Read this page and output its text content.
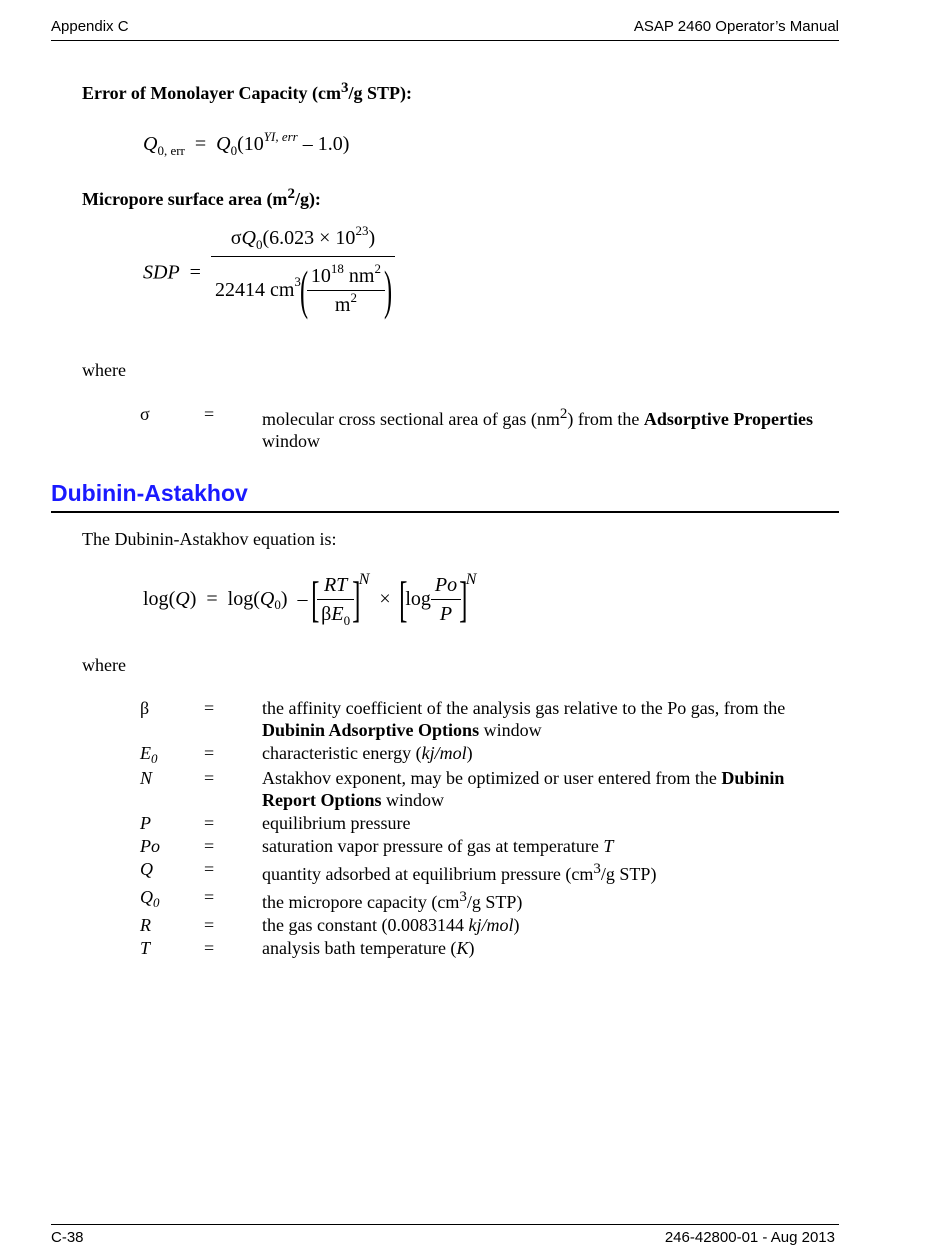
Appendix C	ASAP 2460 Operator’s Manual
Error of Monolayer Capacity ($cm^3/g$ STP):
$Q_{0, err} = Q_0(10^{YI, err} - 1.0)$
Micropore surface area $(m^2/g)$:
SDP = $\sigma Q_0(6.023 \times 10^{23})$
22414 $cm^3$(
$\frac{10^{18} nm^2}{m^2}$
)
where
σ	=	molecular cross sectional area of gas $(nm^2)$ from the Adsorptive Properties window
Dubinin-Astakhov
The Dubinin-Astakhov equation is:
$\log(Q) = \log(Q_0)$ – [
$\frac{RT}{\beta E_0}$
]$^N \times [\log \frac{Po}{P}$
]$^N$
where
β	=	the affinity coefficient of the analysis gas relative to the Po gas, from the Dubinin Adsorptive Options window
$E_0$	=	characteristic energy (kj/mol)
N	=	Astakhov exponent, may be optimized or user entered from the Dubinin Report Options window
P	=	equilibrium pressure
Po	=	saturation vapor pressure of gas at temperature T
Q	=	quantity adsorbed at equilibrium pressure ($cm^3/g$ STP)
$Q_0$	=	the micropore capacity ($cm^3/g$ STP)
R	=	the gas constant (0.0083144 kj/mol)
T	=	analysis bath temperature (K)
C-38	246-42800-01 - Aug 2013
